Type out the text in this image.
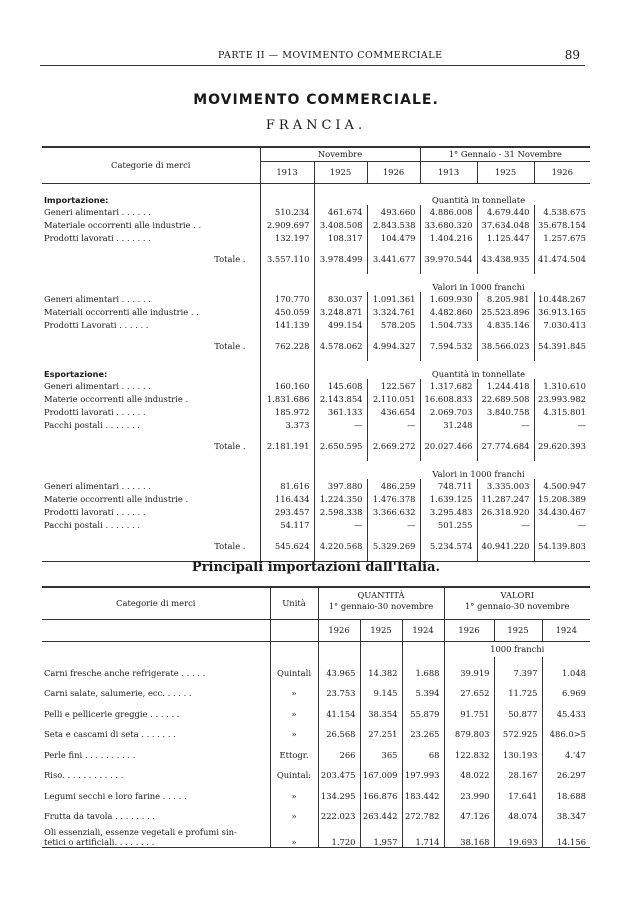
PARTE II — MOVIMENTO COMMERCIALE	89
MOVIMENTO COMMERCIALE.
FRANCIA.
Categorie di merci	Novembre			1° Gennaio - 31 Novembre		
	1913	1925	1926	1913	1925	1926
Importazione:			Quantità in tonnellate			
Generi alimentari . . . . . .	510.234	461.674	493.660	4.886.008	4.679.440	4.538.675
Materiale occorrenti alle industrie . .	2.909.697	3.408.508	2.843.538	33.680.320	37.634.048	35.678.154
Prodotti lavorati . . . . . . .	132.197	108.317	104.479	1.404.216	1.125.447	1.257.675
Totale .	3.557.110	3.978.499	3.441.677	39.970.544	43.438.935	41.474.504
			Valori in 1000 franchi			
Generi alimentari . . . . . .	170.770	830.037	1.091.361	1.609.930	8.205.981	10.448.267
Materiali occorrenti alle industrie . .	450.059	3.248.871	3.324.761	4.482.860	25.523.896	36.913.165
Prodotti Lavorati . . . . . .	141.139	499.154	578.205	1.504.733	4.835.146	7.030.413
Totale .	762.228	4.578.062	4.994.327	7.594.532	38.566.023	54.391.845
Esportazione:			Quantità in tonnellate			
Generi alimentari . . . . . .	160.160	145.608	122.567	1.317.682	1.244.418	1.310.610
Materie occorrenti alle industrie .	1.831.686	2.143.854	2.110.051	16.608.833	22.689.508	23.993.982
Prodotti lavorati . . . . . .	185.972	361.133	436.654	2.069.703	3.840.758	4.315.801
Pacchi postali . . . . . . .	3.373	—	—	31.248	—	—
Totale .	2.181.191	2.650.595	2.669.272	20.027.466	27.774.684	29.620.393
			Valori in 1000 franchi			
Generi alimentari . . . . . .	81.616	397.880	486.259	748.711	3.335.003	4.500.947
Materie occorrenti alle industrie .	116.434	1.224.350	1.476.378	1.639.125	11.287.247	15.208.389
Prodotti lavorati . . . . . .	293.457	2.598.338	3.366.632	3.295.483	26.318.920	34.430.467
Pacchi postali . . . . . . .	54.117	—	—	501.255	—	—
Totale .	545.624	4.220.568	5.329.269	5.234.574	40.941.220	54.139.803

Principali importazioni dall'Italia.
Categorie di merci	Unità	QUANTITÀ			VALORI		
		1° gennaio-30 novembre			1° gennaio-30 novembre		
		1926	1925	1924	1926	1925	1924
					1000 franchi		
Carni fresche anche refrigerate . . . . .	Quintali	43.965	14.382	1.688	39.919	7.397	1.048
Carni salate, salumerie, ecc. . . . . .	»	23.753	9.145	5.394	27.652	11.725	6.969
Pelli e pellicerie greggie . . . . . .	»	41.154	38.354	55.879	91.751	50.877	45.433
Seta e cascami di seta . . . . . . .	»	26.568	27.251	23.265	879.803	572.925	486.0>5
Perle fini . . . . . . . . . .	Ettogr.	266	365	68	122.832	130.193	4.'47
Riso. . . . . . . . . . . .	Quintal:	203.475	167.009	197.993	48.022	28.167	26.297
Legumi secchi e loro farine . . . . .	»	134.295	166.876	183.442	23.990	17.641	18.688
Frutta da tavola . . . . . . . .	»	222.023	263.442	272.782	47.126	48.074	38.347
Oli essenziali, essenze vegetali e profumi sin-
tetici o artificiali. . . . . . . .	»	1.720	1.957	1.714	38.168	19.693	14.156
